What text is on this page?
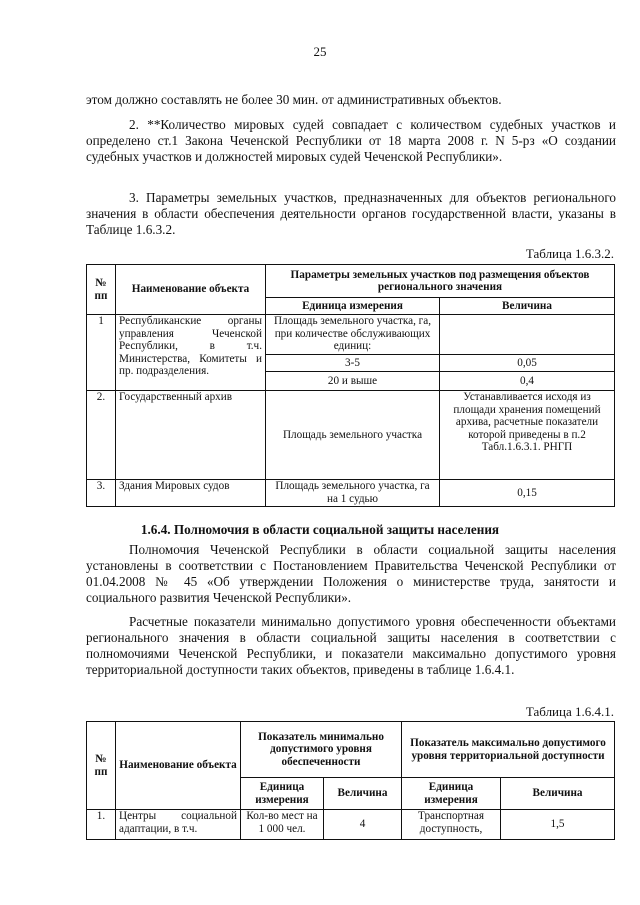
25

этом должно составлять не более 30 мин. от административных объектов.

2. **Количество мировых судей совпадает с количеством судебных участков и определено ст.1 Закона Чеченской Республики от 18 марта 2008 г. N 5-рз «О создании судебных участков и должностей мировых судей Чеченской Республики».

3. Параметры земельных участков, предназначенных для объектов регионального значения в области обеспечения деятельности органов государственной власти, указаны в Таблице 1.6.3.2.

Таблица 1.6.3.2.
№ пп	Наименование объекта	Параметры земельных участков под размещения объектов регионального значения	
		Единица измерения	Величина
1	Республиканские органы управления Чеченской Республики, в т.ч. Министерства, Комитеты и пр. подразделения.	Площадь земельного участка, га, при количестве обслуживающих единиц:	
		3-5	0,05
		20 и выше	0,4
2.	Государственный архив	Площадь земельного участка	Устанавливается исходя из площади хранения помещений архива, расчетные показатели которой приведены в п.2 Табл.1.6.3.1. РНГП
3.	Здания Мировых судов	Площадь земельного участка, га на 1 судью	0,15
1.6.4. Полномочия в области социальной защиты населения

Полномочия Чеченской Республики в области социальной защиты населения установлены в соответствии с Постановлением Правительства Чеченской Республики от 01.04.2008 № 45 «Об утверждении Положения о министерстве труда, занятости и социального развития Чеченской Республики».

Расчетные показатели минимально допустимого уровня обеспеченности объектами регионального значения в области социальной защиты населения в соответствии с полномочиями Чеченской Республики, и показатели максимально допустимого уровня территориальной доступности таких объектов, приведены в таблице 1.6.4.1.

Таблица 1.6.4.1.
№ пп	Наименование объекта	Показатель минимально допустимого уровня обеспеченности		Показатель максимально допустимого уровня территориальной доступности	
		Единица измерения	Величина	Единица измерения	Величина
1.	Центры социальной адаптации, в т.ч.	Кол-во мест на 1 000 чел.	4	Транспортная доступность,	1,5
